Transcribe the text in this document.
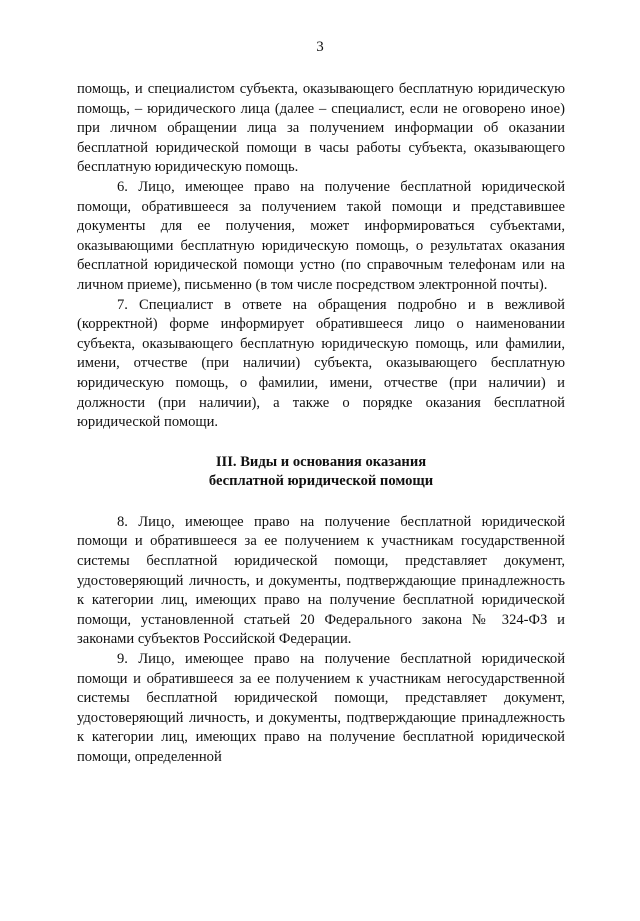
3

помощь, и специалистом субъекта, оказывающего бесплатную юридическую помощь, – юридического лица (далее – специалист, если не оговорено иное) при личном обращении лица за получением информации об оказании бесплатной юридической помощи в часы работы субъекта, оказывающего бесплатную юридическую помощь.

6. Лицо, имеющее право на получение бесплатной юридической помощи, обратившееся за получением такой помощи и представившее документы для ее получения, может информироваться субъектами, оказывающими бесплатную юридическую помощь, о результатах оказания бесплатной юридической помощи устно (по справочным телефонам или на личном приеме), письменно (в том числе посредством электронной почты).

7. Специалист в ответе на обращения подробно и в вежливой (корректной) форме информирует обратившееся лицо о наименовании субъекта, оказывающего бесплатную юридическую помощь, или фамилии, имени, отчестве (при наличии) субъекта, оказывающего бесплатную юридическую помощь, о фамилии, имени, отчестве (при наличии) и должности (при наличии), а также о порядке оказания бесплатной юридической помощи.

III. Виды и основания оказания
бесплатной юридической помощи

8. Лицо, имеющее право на получение бесплатной юридической помощи и обратившееся за ее получением к участникам государственной системы бесплатной юридической помощи, представляет документ, удостоверяющий личность, и документы, подтверждающие принадлежность к категории лиц, имеющих право на получение бесплатной юридической помощи, установленной статьей 20 Федерального закона № 324-ФЗ и законами субъектов Российской Федерации.

9. Лицо, имеющее право на получение бесплатной юридической помощи и обратившееся за ее получением к участникам негосударственной системы бесплатной юридической помощи, представляет документ, удостоверяющий личность, и документы, подтверждающие принадлежность к категории лиц, имеющих право на получение бесплатной юридической помощи, определенной
